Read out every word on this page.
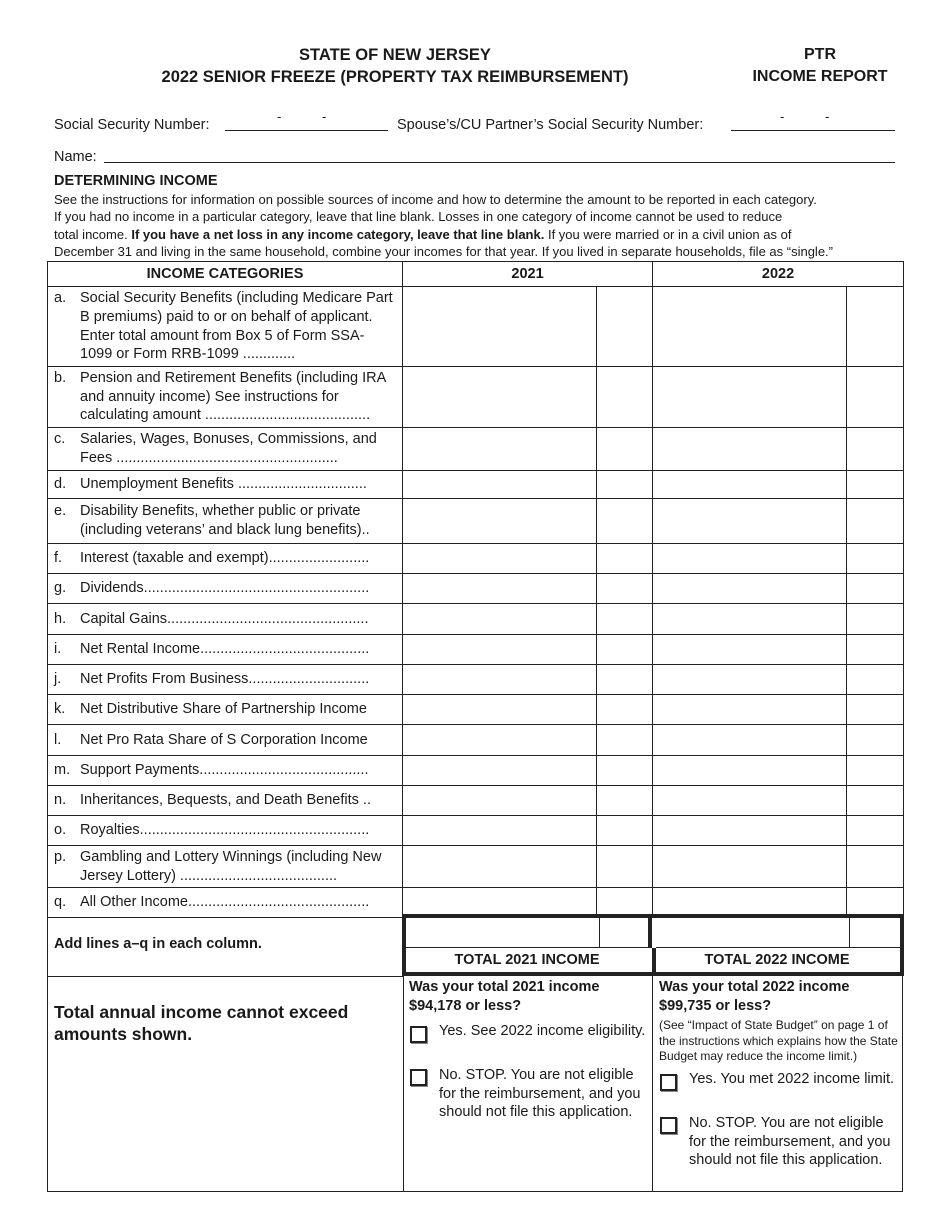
STATE OF NEW JERSEY
2022 SENIOR FREEZE (PROPERTY TAX REIMBURSEMENT)
PTR
INCOME REPORT
Social Security Number:
-	-
Spouse’s/CU Partner’s Social Security Number:
-	-
Name:
DETERMINING INCOME
See the instructions for information on possible sources of income and how to determine the amount to be reported in each category.
If you had no income in a particular category, leave that line blank. Losses in one category of income cannot be used to reduce
total income. If you have a net loss in any income category, leave that line blank. If you were married or in a civil union as of
December 31 and living in the same household, combine your incomes for that year. If you lived in separate households, file as “single.”
INCOME CATEGORIES	2021		2022	

a. Social Security Benefits (including Medicare Part B premiums) paid to or on behalf of applicant. Enter total amount from Box 5 of Form SSA-1099 or Form RRB-1099 .............				

b. Pension and Retirement Benefits (including IRA and annuity income) See instructions for calculating amount .........................................				

c. Salaries, Wages, Bonuses, Commissions, and Fees .......................................................				

d. Unemployment Benefits ................................				

e. Disability Benefits, whether public or private (including veterans’ and black lung benefits)..				

f. Interest (taxable and exempt).........................				

g. Dividends........................................................				

h. Capital Gains..................................................				

i. Net Rental Income..........................................				

j. Net Profits From Business..............................				

k. Net Distributive Share of Partnership Income				

l. Net Pro Rata Share of S Corporation Income				

m. Support Payments..........................................				

n. Inheritances, Bequests, and Death Benefits ..				

o. Royalties.........................................................				

p. Gambling and Lottery Winnings (including New Jersey Lottery) .......................................				

q. All Other Income.............................................				

Add lines a–q in each column.
TOTAL 2021 INCOME	TOTAL 2022 INCOME
Total annual income cannot exceed amounts shown.
Was your total 2021 income $94,178 or less?
Yes. See 2022 income eligibility.
No. STOP. You are not eligible for the reimbursement, and you should not file this application.
Was your total 2022 income $99,735 or less?
(See “Impact of State Budget” on page 1 of the instructions which explains how the State Budget may reduce the income limit.)
Yes. You met 2022 income limit.
No. STOP. You are not eligible for the reimbursement, and you should not file this application.
